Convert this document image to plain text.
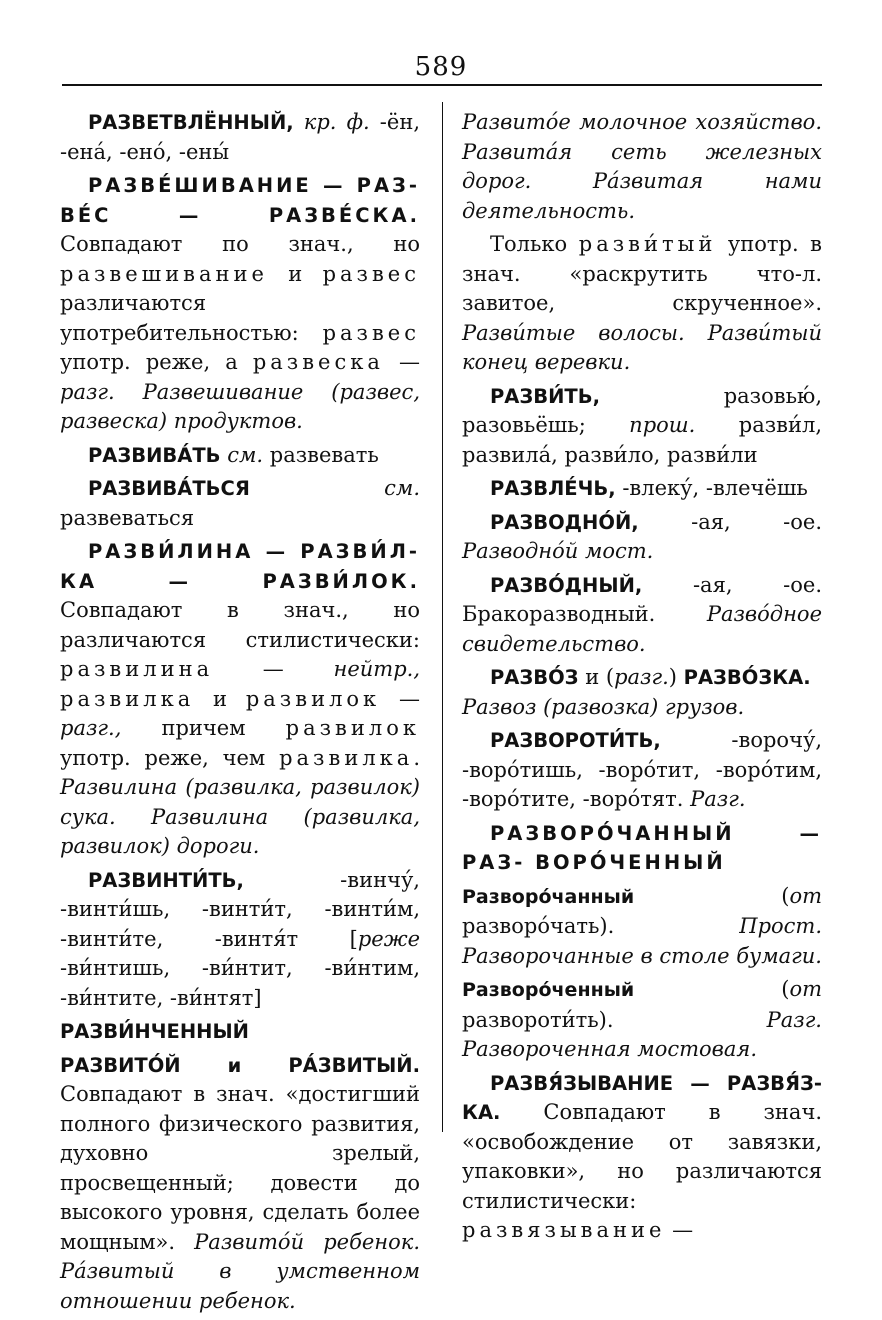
589

РАЗВЕТВЛЁННЫЙ, кр. ф. -ён, -ена́, -ено́, -ены́

РАЗВЕ́ШИВАНИЕ — РАЗ- ВЕ́С — РАЗВЕ́СКА. Совпадают по знач., но развешивание и развес различаются употребительностью: развес употр. реже, а развеска — разг. Развешивание (развес, развеска) продуктов.

РАЗВИВА́ТЬ см. развевать

РАЗВИВА́ТЬСЯ см. развеваться

РАЗВИ́ЛИНА — РАЗВИ́Л- КА — РАЗВИ́ЛОК. Совпадают в знач., но различаются стилистически: развилина — нейтр., развилка и развилок — разг., причем развилок употр. реже, чем развилка. Развилина (развилка, развилок) сука. Развилина (развилка, развилок) дороги.

РАЗВИНТИ́ТЬ, -винчу́, -винти́шь, -винти́т, -винти́м, -винти́те, -винтя́т [реже -ви́нтишь, -ви́нтит, -ви́нтим, -ви́нтите, -ви́нтят]

РАЗВИ́НЧЕННЫЙ

РАЗВИТО́Й и РА́ЗВИТЫЙ. Совпадают в знач. «достигший полного физического развития, духовно зрелый, просвещенный; довести до высокого уровня, сделать более мощным». Развито́й ребенок. Ра́звитый в умственном отношении ребенок.

Развито́е молочное хозяйство. Развита́я сеть железных дорог. Ра́звитая нами деятельность.

Только разви́тый употр. в знач. «раскрутить что-л. завитое, скрученное». Разви́тые волосы. Разви́тый конец веревки.

РАЗВИ́ТЬ, разовью́, разовьёшь; прош. разви́л, развила́, разви́ло, разви́ли

РАЗВЛЕ́ЧЬ, -влеку́, -влечёшь

РАЗВОДНО́Й, -ая, -ое. Разводно́й мост.

РАЗВО́ДНЫЙ, -ая, -ое. Бракоразводный. Разво́дное свидетельство.

РАЗВО́З и (разг.) РАЗВО́ЗКА.
Развоз (развозка) грузов.

РАЗВОРОТИ́ТЬ, -ворочу́, -воро́тишь, -воро́тит, -воро́тим, -воро́тите, -воро́тят. Разг.

РАЗВОРО́ЧАННЫЙ — РАЗ- ВОРО́ЧЕННЫЙ

Разворо́чанный (от разворо́чать). Прост. Разворочанные в столе бумаги.

Разворо́ченный (от развороти́ть). Разг. Развороченная мостовая.

РАЗВЯ́ЗЫВАНИЕ — РАЗВЯ́З- КА. Совпадают в знач. «освобождение от завязки, упаковки», но различаются стилистически: развязывание —
